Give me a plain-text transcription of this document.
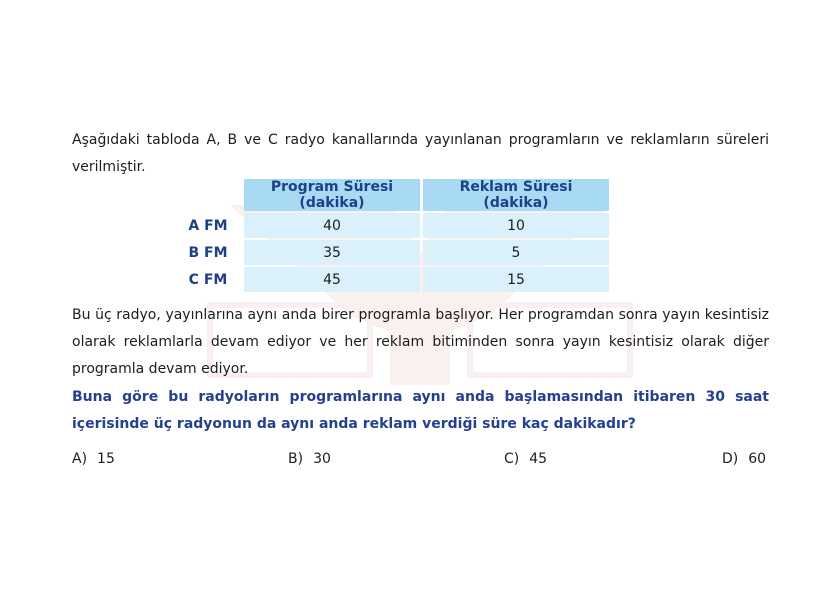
Aşağıdaki tabloda A, B ve C radyo kanallarında yayınlanan programların ve reklamların süreleri verilmiştir.
	Program Süresi (dakika)	Reklam Süresi (dakika)
A FM	40	10
B FM	35	5
C FM	45	15
Bu üç radyo, yayınlarına aynı anda birer programla başlıyor. Her programdan sonra yayın kesintisiz olarak reklamlarla devam ediyor ve her reklam bitiminden sonra yayın kesintisiz olarak diğer programla devam ediyor.
Buna göre bu radyoların programlarına aynı anda başlamasından itibaren 30 saat içerisinde üç radyonun da aynı anda reklam verdiği süre kaç dakikadır?
A) 15	B) 30	C) 45	D) 60
